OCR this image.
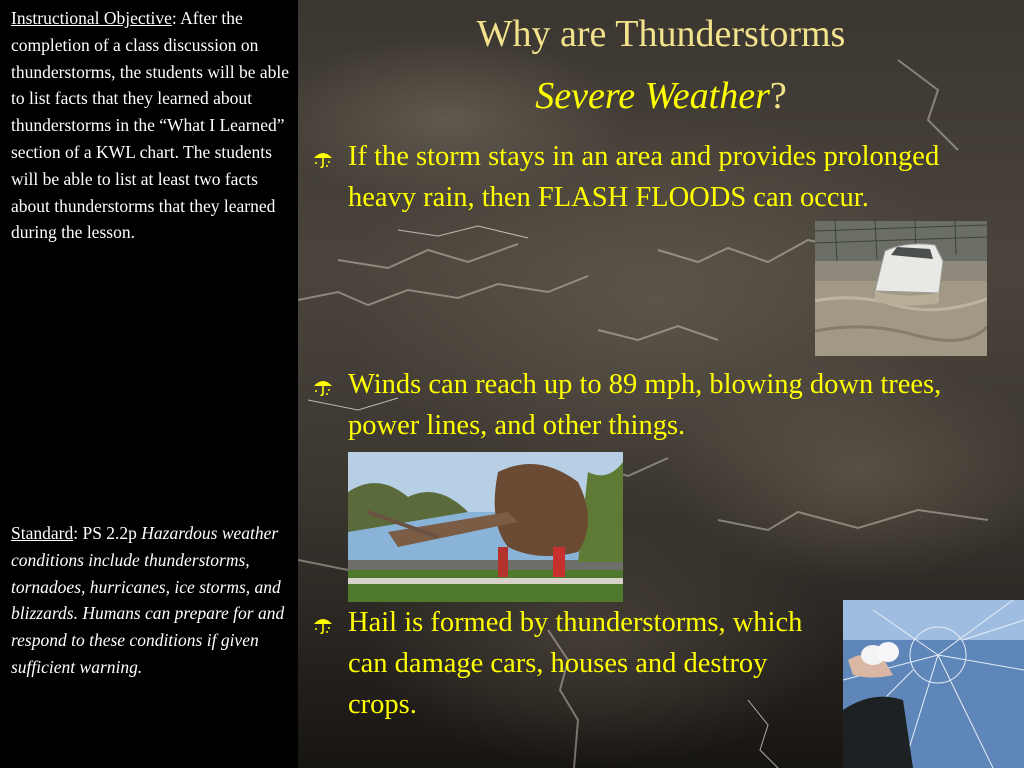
Instructional Objective: After the completion of a class discussion on thunderstorms, the students will be able to list facts that they learned about thunderstorms in the “What I Learned” section of a KWL chart. The students will be able to list at least two facts about thunderstorms that they learned during the lesson.
Standard: PS 2.2p Hazardous weather conditions include thunderstorms, tornadoes, hurricanes, ice storms, and blizzards. Humans can prepare for and respond to these conditions if given sufficient warning.
Why are Thunderstorms
Severe Weather?
If the storm stays in an area and provides prolonged heavy rain, then FLASH FLOODS can occur.
Winds can reach up to 89 mph, blowing down trees, power lines, and other things.
Hail is formed by thunderstorms, which can damage cars, houses and destroy crops.
